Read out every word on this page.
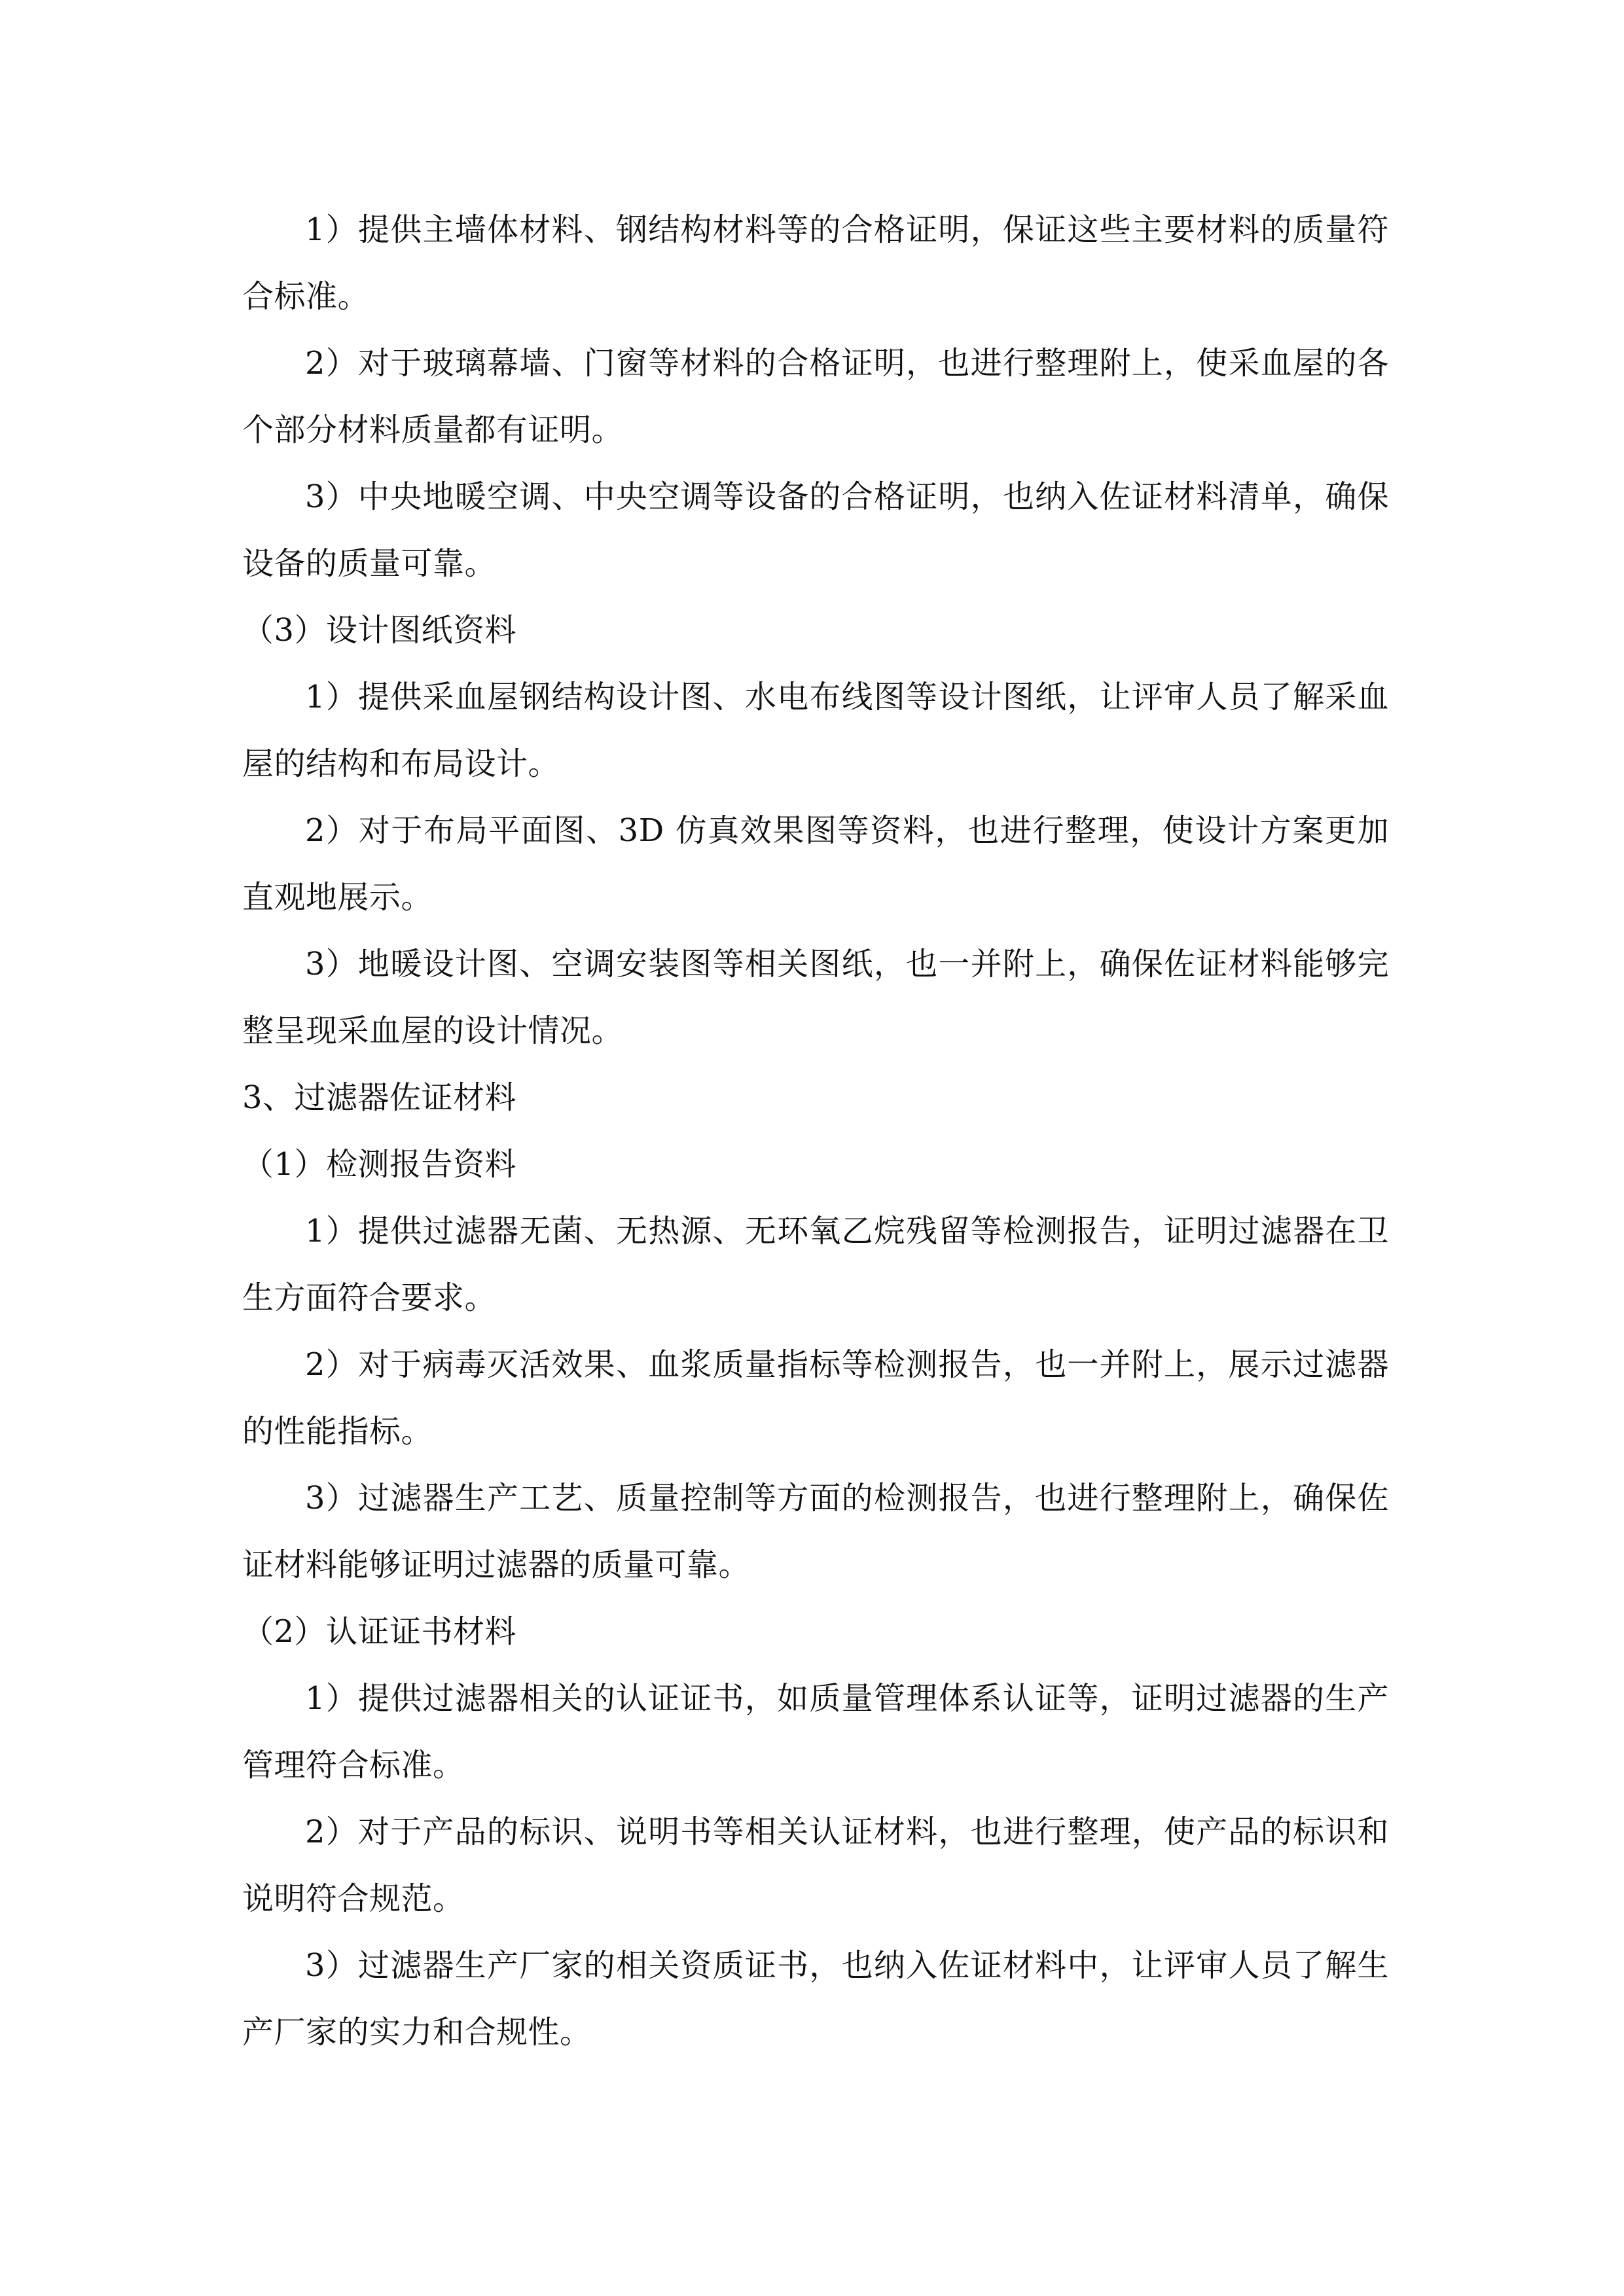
1）提供主墙体材料、钢结构材料等的合格证明，保证这些主要材料的质量符合标准。

2）对于玻璃幕墙、门窗等材料的合格证明，也进行整理附上，使采血屋的各个部分材料质量都有证明。

3）中央地暖空调、中央空调等设备的合格证明，也纳入佐证材料清单，确保设备的质量可靠。

（3）设计图纸资料

1）提供采血屋钢结构设计图、水电布线图等设计图纸，让评审人员了解采血屋的结构和布局设计。

2）对于布局平面图、3D 仿真效果图等资料，也进行整理，使设计方案更加直观地展示。

3）地暖设计图、空调安装图等相关图纸，也一并附上，确保佐证材料能够完整呈现采血屋的设计情况。

3、过滤器佐证材料

（1）检测报告资料

1）提供过滤器无菌、无热源、无环氧乙烷残留等检测报告，证明过滤器在卫生方面符合要求。

2）对于病毒灭活效果、血浆质量指标等检测报告，也一并附上，展示过滤器的性能指标。

3）过滤器生产工艺、质量控制等方面的检测报告，也进行整理附上，确保佐证材料能够证明过滤器的质量可靠。

（2）认证证书材料

1）提供过滤器相关的认证证书，如质量管理体系认证等，证明过滤器的生产管理符合标准。

2）对于产品的标识、说明书等相关认证材料，也进行整理，使产品的标识和说明符合规范。

3）过滤器生产厂家的相关资质证书，也纳入佐证材料中，让评审人员了解生产厂家的实力和合规性。
